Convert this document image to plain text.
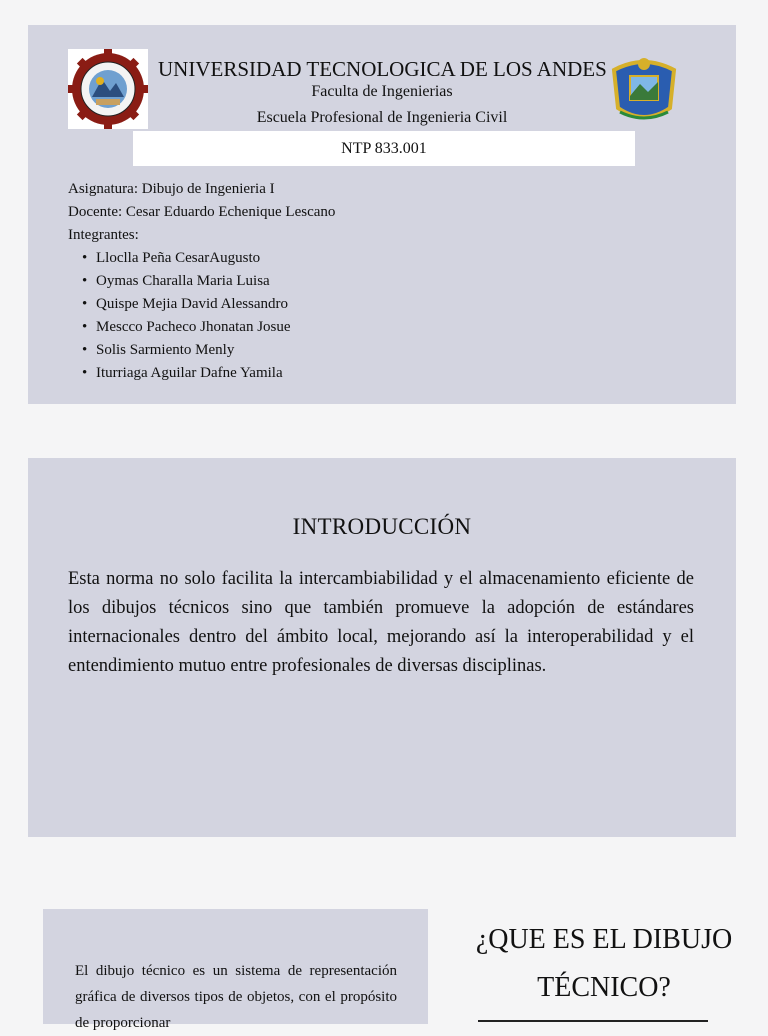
UNIVERSIDAD TECNOLOGICA DE LOS ANDES
Faculta de Ingenierias
Escuela Profesional de Ingenieria Civil
NTP 833.001
Asignatura: Dibujo de Ingenieria I
Docente: Cesar Eduardo Echenique Lescano
Integrantes:
• Lloclla Peña CesarAugusto
• Oymas Charalla Maria Luisa
• Quispe Mejia David Alessandro
• Mescco Pacheco Jhonatan Josue
• Solis Sarmiento Menly
• Iturriaga Aguilar Dafne Yamila
INTRODUCCIÓN
Esta norma no solo facilita la intercambiabilidad y el almacenamiento eficiente de los dibujos técnicos sino que también promueve la adopción de estándares internacionales dentro del ámbito local, mejorando así la interoperabilidad y el entendimiento mutuo entre profesionales de diversas disciplinas.
El dibujo técnico es un sistema de representación gráfica de diversos tipos de objetos, con el propósito de proporcionar
¿QUE ES EL DIBUJO TÉCNICO?
